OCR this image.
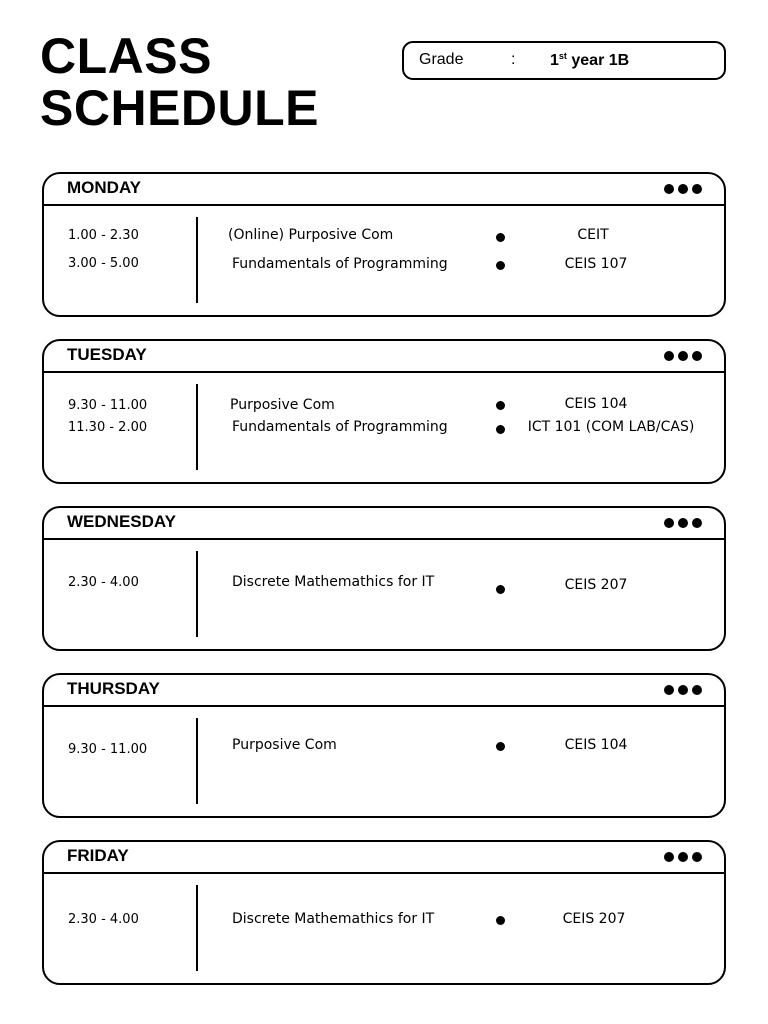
CLASS
SCHEDULE
Grade	: 1st year 1B
MONDAY
1.00 - 2.30	(Online) Purposive Com	CEIT
3.00 - 5.00	Fundamentals of Programming	CEIS 107
TUESDAY
9.30 - 11.00	Purposive Com	CEIS 104
11.30 - 2.00	Fundamentals of Programming	ICT 101 (COM LAB/CAS)
WEDNESDAY
2.30 - 4.00	Discrete Mathemathics for IT	CEIS 207
THURSDAY
9.30 - 11.00	Purposive Com	CEIS 104
FRIDAY
2.30 - 4.00	Discrete Mathemathics for IT	CEIS 207
